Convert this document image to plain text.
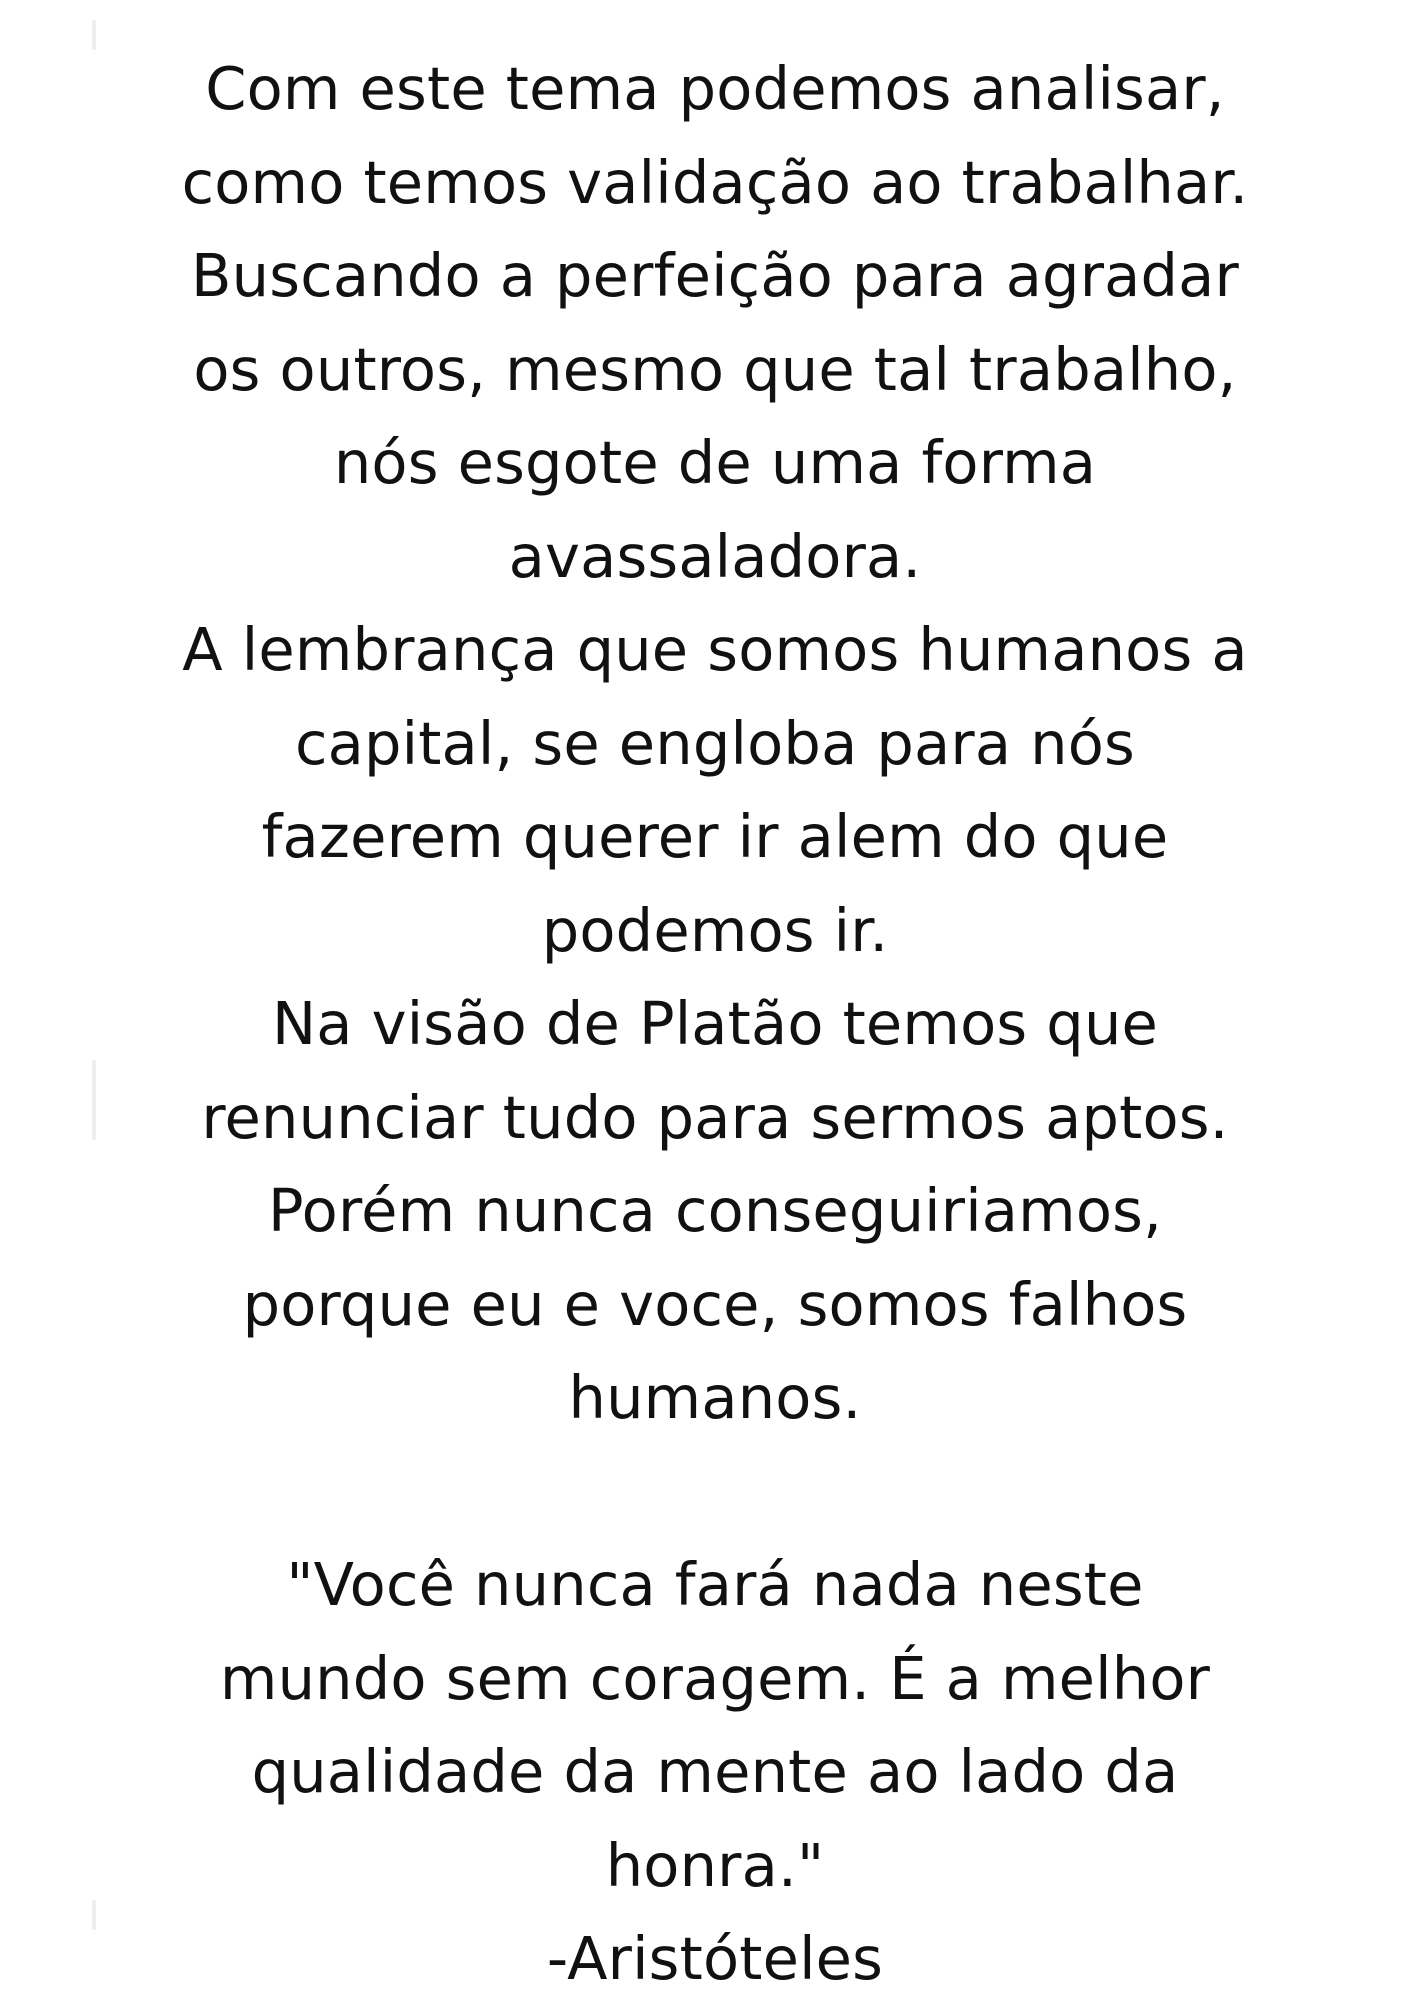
Com este tema podemos analisar,
como temos validação ao trabalhar.
Buscando a perfeição para agradar
os outros, mesmo que tal trabalho,
nós esgote de uma forma
avassaladora.
A lembrança que somos humanos a
capital, se engloba para nós
fazerem querer ir alem do que
podemos ir.
Na visão de Platão temos que
renunciar tudo para sermos aptos.
Porém nunca conseguiriamos,
porque eu e voce, somos falhos
humanos.
"Você nunca fará nada neste
mundo sem coragem. É a melhor
qualidade da mente ao lado da
honra."
-Aristóteles
